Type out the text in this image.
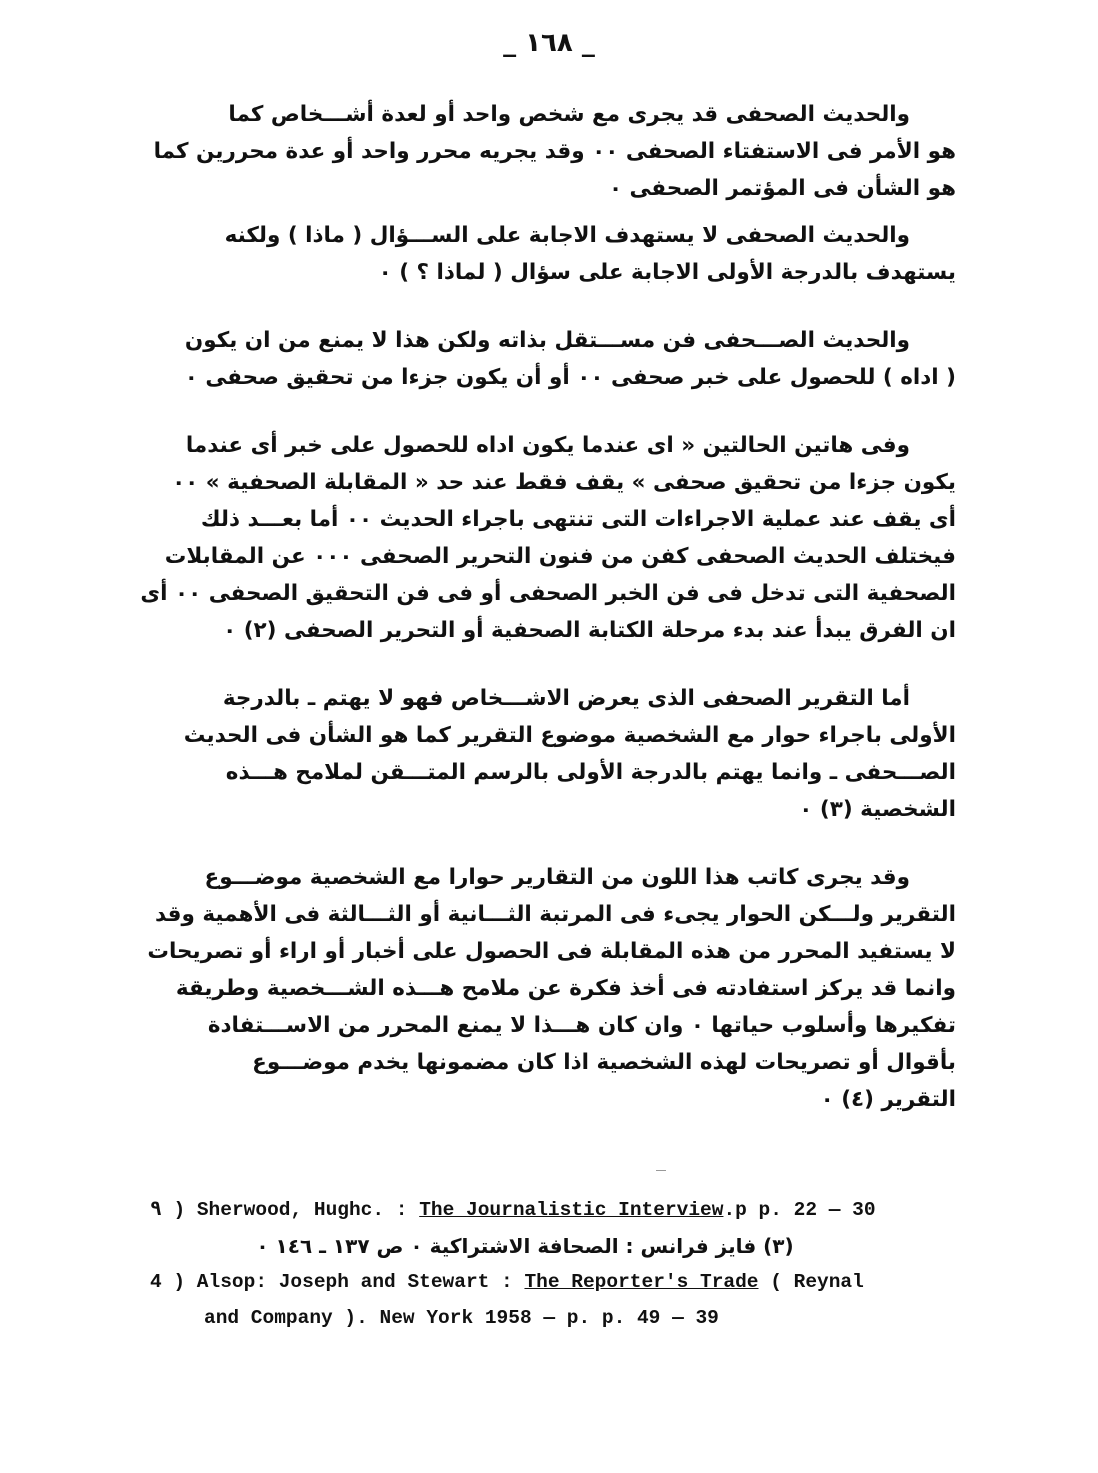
_ ١٦٨ _
والحديث الصحفى قد يجرى مع شخص واحد أو لعدة أشـــخاص كما
هو الأمر فى الاستفتاء الصحفى ٠٠ وقد يجريه محرر واحد أو عدة محررين كما
هو الشأن فى المؤتمر الصحفى ٠
والحديث الصحفى لا يستهدف الاجابة على الســـؤال ( ماذا ) ولكنه
يستهدف بالدرجة الأولى الاجابة على سؤال ( لماذا ؟ ) ٠
والحديث الصـــحفى فن مســـتقل بذاته ولكن هذا لا يمنع من ان يكون
( اداه ) للحصول على خبر صحفى ٠٠ أو أن يكون جزءا من تحقيق صحفى ٠
وفى هاتين الحالتين « اى عندما يكون اداه للحصول على خبر أى عندما
يكون جزءا من تحقيق صحفى » يقف فقط عند حد « المقابلة الصحفية » ٠٠
أى يقف عند عملية الاجراءات التى تنتهى باجراء الحديث ٠٠ أما بعـــد ذلك
فيختلف الحديث الصحفى كفن من فنون التحرير الصحفى ٠٠٠ عن المقابلات
الصحفية التى تدخل فى فن الخبر الصحفى أو فى فن التحقيق الصحفى ٠٠ أى
ان الفرق يبدأ عند بدء مرحلة الكتابة الصحفية أو التحرير الصحفى (٢) ٠
أما التقرير الصحفى الذى يعرض الاشـــخاص فهو لا يهتم ـ بالدرجة
الأولى باجراء حوار مع الشخصية موضوع التقرير كما هو الشأن فى الحديث
الصـــحفى ـ وانما يهتم بالدرجة الأولى بالرسم المتـــقن لملامح هـــذه
الشخصية (٣) ٠
وقد يجرى كاتب هذا اللون من التقارير حوارا مع الشخصية موضـــوع
التقرير ولـــكن الحوار يجىء فى المرتبة الثـــانية أو الثـــالثة فى الأهمية وقد
لا يستفيد المحرر من هذه المقابلة فى الحصول على أخبار أو اراء أو تصريحات
وانما قد يركز استفادته فى أخذ فكرة عن ملامح هـــذه الشـــخصية وطريقة
تفكيرها وأسلوب حياتها ٠ وان كان هـــذا لا يمنع المحرر من الاســـتفادة
بأقوال أو تصريحات لهذه الشخصية اذا كان مضمونها يخدم موضـــوع
التقرير (٤) ٠
٩ ) Sherwood, Hughc. : The Journalistic Interview.p p. 22 — 30
(٣) فايز فرانس : الصحافة الاشتراكية ٠ ص ١٣٧ ـ ١٤٦ ٠
4 ) Alsop: Joseph and Stewart : The Reporter's Trade ( Reynal
and Company ). New York 1958 — p. p. 49 — 39
